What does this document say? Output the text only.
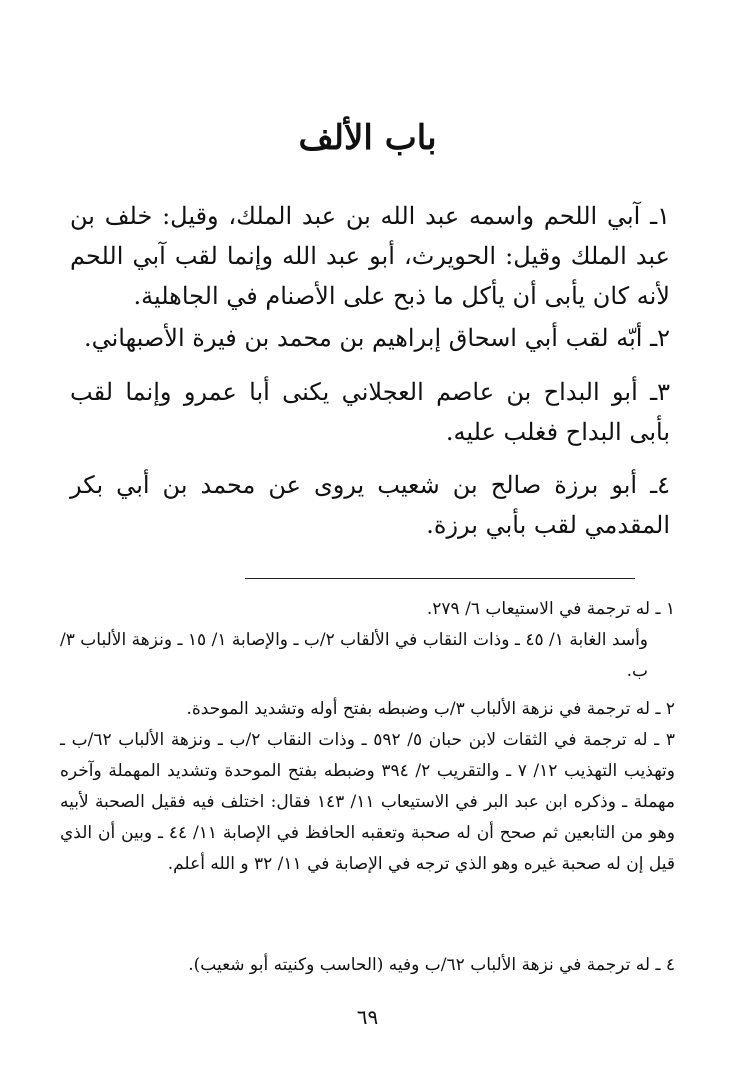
باب الألف

١ـ آبي اللحم واسمه عبد الله بن عبد الملك، وقيل: خلف بن عبد الملك وقيل: الحويرث، أبو عبد الله وإنما لقب آبي اللحم لأنه كان يأبى أن يأكل ما ذبح على الأصنام في الجاهلية.

٢ـ أبّه لقب أبي اسحاق إبراهيم بن محمد بن فيرة الأصبهاني.

٣ـ أبو البداح بن عاصم العجلاني يكنى أبا عمرو وإنما لقب بأبى البداح فغلب عليه.

٤ـ أبو برزة صالح بن شعيب يروى عن محمد بن أبي بكر المقدمي لقب بأبي برزة.

١ ـ له ترجمة في الاستيعاب ٦/ ٢٧٩.

وأسد الغابة ١/ ٤٥ ـ وذات النقاب في الألقاب ٢/ب ـ والإصابة ١/ ١٥ ـ ونزهة الألباب ٣/ ب.

٢ ـ له ترجمة في نزهة الألباب ٣/ب وضبطه بفتح أوله وتشديد الموحدة.

٣ ـ له ترجمة في الثقات لابن حبان ٥/ ٥٩٢ ـ وذات النقاب ٢/ب ـ ونزهة الألباب ٦٢/ب ـ وتهذيب التهذيب ١٢/ ٧ ـ والتقريب ٢/ ٣٩٤ وضبطه بفتح الموحدة وتشديد المهملة وآخره مهملة ـ وذكره ابن عبد البر في الاستيعاب ١١/ ١٤٣ فقال: اختلف فيه فقيل الصحبة لأبيه وهو من التابعين ثم صحح أن له صحبة وتعقبه الحافظ في الإصابة ١١/ ٤٤ ـ وبين أن الذي قيل إن له صحبة غيره وهو الذي ترجه في الإصابة في ١١/ ٣٢ و الله أعلم.

٤ ـ له ترجمة في نزهة الألباب ٦٢/ب وفيه (الحاسب وكنيته أبو شعيب).

٦٩
